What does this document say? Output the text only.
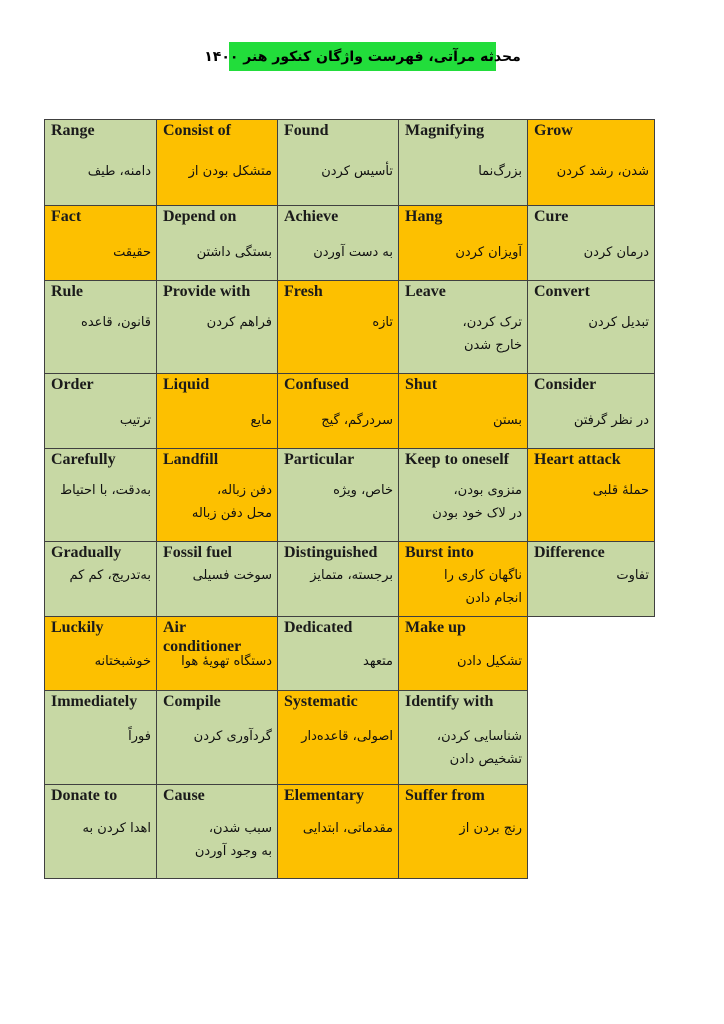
محدثه مرآتی، فهرست واژگان کنکور هنر ۱۴۰۰
Range
دامنه، طیف
Consist of
متشکل بودن از
Found
تأسیس کردن
Magnifying
بزرگ‌نما
Grow
شدن، رشد کردن
Fact
حقیقت
Depend on
بستگی داشتن
Achieve
به دست آوردن
Hang
آویزان کردن
Cure
درمان کردن
Rule
قانون، قاعده
Provide with
فراهم کردن
Fresh
تازه
Leave
ترک کردن،
خارج شدن
Convert
تبدیل کردن
Order
ترتیب
Liquid
مایع
Confused
سردرگم، گیج
Shut
بستن
Consider
در نظر گرفتن
Carefully
به‌دقت، با احتیاط
Landfill
دفن زباله،
محل دفن زباله
Particular
خاص، ویژه
Keep to oneself
منزوی بودن،
در لاک خود بودن
Heart attack
حملهٔ قلبی
Gradually
به‌تدریج، کم کم
Fossil fuel
سوخت فسیلی
Distinguished
برجسته، متمایز
Burst into
ناگهان کاری را
انجام دادن
Difference
تفاوت
Luckily
خوشبختانه
Air conditioner
دستگاه تهویهٔ هوا
Dedicated
متعهد
Make up
تشکیل دادن
Immediately
فوراً
Compile
گردآوری کردن
Systematic
اصولی، قاعده‌دار
Identify with
شناسایی کردن،
تشخیص دادن
Donate to
اهدا کردن به
Cause
سبب شدن،
به وجود آوردن
Elementary
مقدماتی، ابتدایی
Suffer from
رنج بردن از
